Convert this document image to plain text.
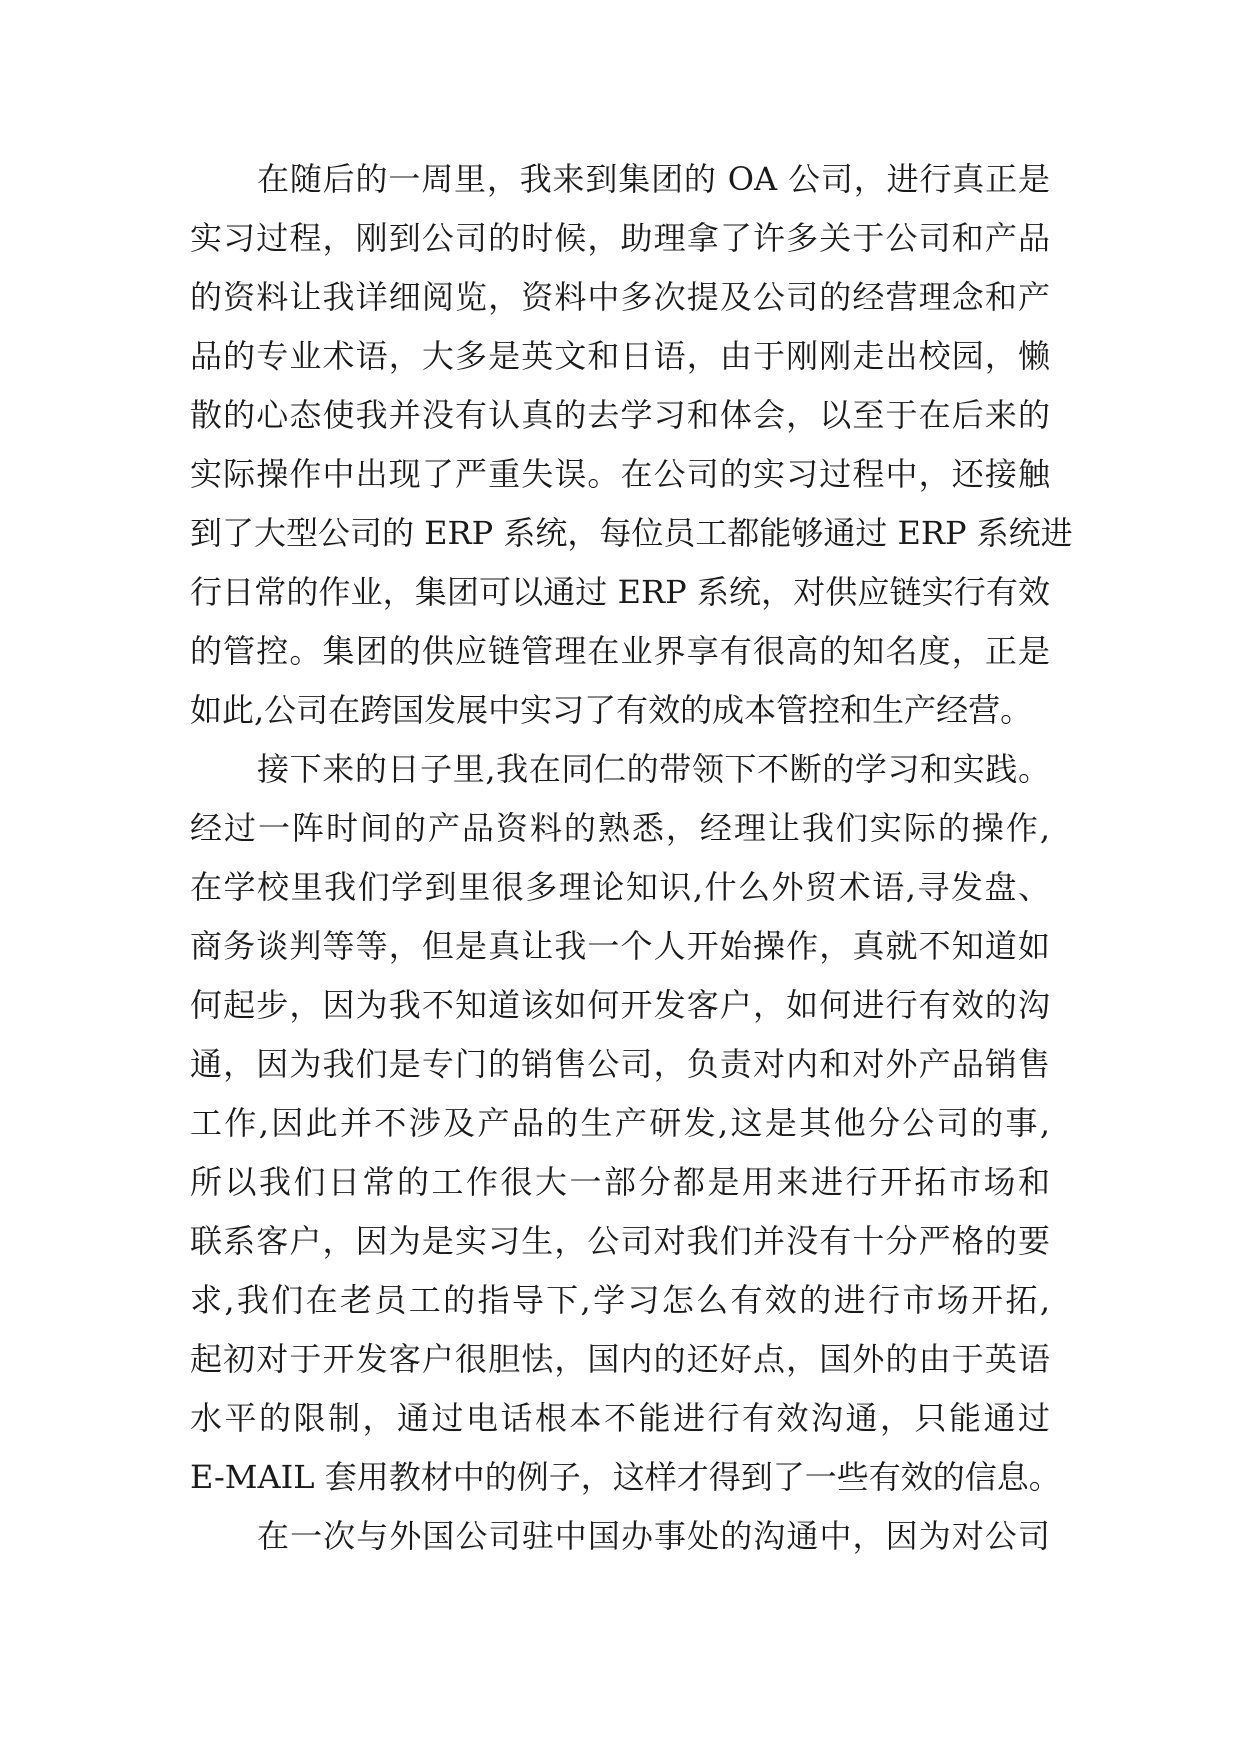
在随后的一周里，我来到集团的 OA 公司，进行真正是
实习过程，刚到公司的时候，助理拿了许多关于公司和产品
的资料让我详细阅览，资料中多次提及公司的经营理念和产
品的专业术语，大多是英文和日语，由于刚刚走出校园，懒
散的心态使我并没有认真的去学习和体会，以至于在后来的
实际操作中出现了严重失误。在公司的实习过程中，还接触
到了大型公司的 ERP 系统，每位员工都能够通过 ERP 系统进
行日常的作业，集团可以通过 ERP 系统，对供应链实行有效
的管控。集团的供应链管理在业界享有很高的知名度，正是
如此,公司在跨国发展中实习了有效的成本管控和生产经营。
接下来的日子里,我在同仁的带领下不断的学习和实践。
经过一阵时间的产品资料的熟悉，经理让我们实际的操作,
在学校里我们学到里很多理论知识,什么外贸术语,寻发盘、
商务谈判等等，但是真让我一个人开始操作，真就不知道如
何起步，因为我不知道该如何开发客户，如何进行有效的沟
通，因为我们是专门的销售公司，负责对内和对外产品销售
工作,因此并不涉及产品的生产研发,这是其他分公司的事,
所以我们日常的工作很大一部分都是用来进行开拓市场和
联系客户，因为是实习生，公司对我们并没有十分严格的要
求,我们在老员工的指导下,学习怎么有效的进行市场开拓,
起初对于开发客户很胆怯，国内的还好点，国外的由于英语
水平的限制，通过电话根本不能进行有效沟通，只能通过
E-MAIL 套用教材中的例子，这样才得到了一些有效的信息。
在一次与外国公司驻中国办事处的沟通中，因为对公司
